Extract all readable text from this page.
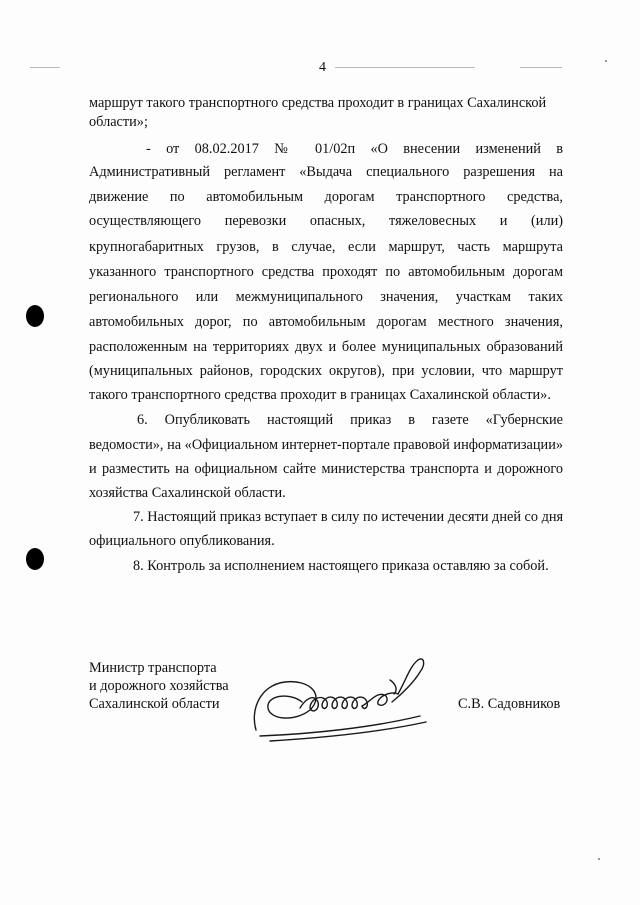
4
маршрут такого транспортного средства проходит в границах Сахалинской
области»;
- от 08.02.2017 № 01/02п «О внесении изменений в
Административный регламент «Выдача специального разрешения на
движение по автомобильным дорогам транспортного средства,
осуществляющего перевозки опасных, тяжеловесных и (или)
крупногабаритных грузов, в случае, если маршрут, часть маршрута
указанного транспортного средства проходят по автомобильным дорогам
регионального или межмуниципального значения, участкам таких
автомобильных дорог, по автомобильным дорогам местного значения,
расположенным на территориях двух и более муниципальных образований
(муниципальных районов, городских округов), при условии, что маршрут
такого транспортного средства проходит в границах Сахалинской области».
6. Опубликовать настоящий приказ в газете «Губернские
ведомости», на «Официальном интернет-портале правовой информатизации»
и разместить на официальном сайте министерства транспорта и дорожного
хозяйства Сахалинской области.
7. Настоящий приказ вступает в силу по истечении десяти дней со дня
официального опубликования.
8. Контроль за исполнением настоящего приказа оставляю за собой.
Министр транспорта
и дорожного хозяйства
Сахалинской области	С.В. Садовников
